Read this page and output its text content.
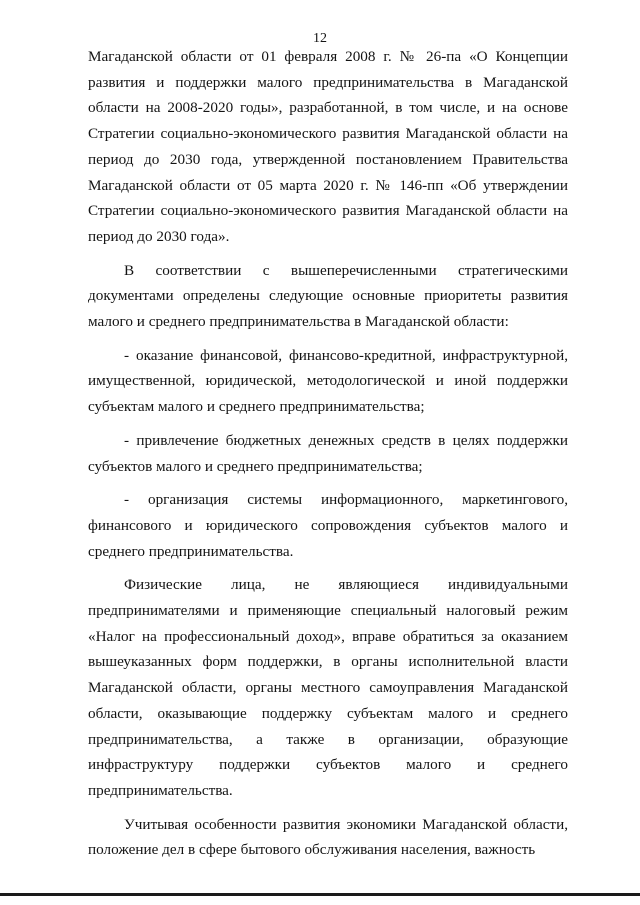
12

Магаданской области от 01 февраля 2008 г. № 26-па «О Концепции развития и поддержки малого предпринимательства в Магаданской области на 2008-2020 годы», разработанной, в том числе, и на основе Стратегии социально-экономического развития Магаданской области на период до 2030 года, утвержденной постановлением Правительства Магаданской области от 05 марта 2020 г. № 146-пп «Об утверждении Стратегии социально-экономического развития Магаданской области на период до 2030 года».

В соответствии с вышеперечисленными стратегическими документами определены следующие основные приоритеты развития малого и среднего предпринимательства в Магаданской области:

- оказание финансовой, финансово-кредитной, инфраструктурной, имущественной, юридической, методологической и иной поддержки субъектам малого и среднего предпринимательства;

- привлечение бюджетных денежных средств в целях поддержки субъектов малого и среднего предпринимательства;

- организация системы информационного, маркетингового, финансового и юридического сопровождения субъектов малого и среднего предпринимательства.

Физические лица, не являющиеся индивидуальными предпринимателями и применяющие специальный налоговый режим «Налог на профессиональный доход», вправе обратиться за оказанием вышеуказанных форм поддержки, в органы исполнительной власти Магаданской области, органы местного самоуправления Магаданской области, оказывающие поддержку субъектам малого и среднего предпринимательства, а также в организации, образующие инфраструктуру поддержки субъектов малого и среднего предпринимательства.

Учитывая особенности развития экономики Магаданской области, положение дел в сфере бытового обслуживания населения, важность
